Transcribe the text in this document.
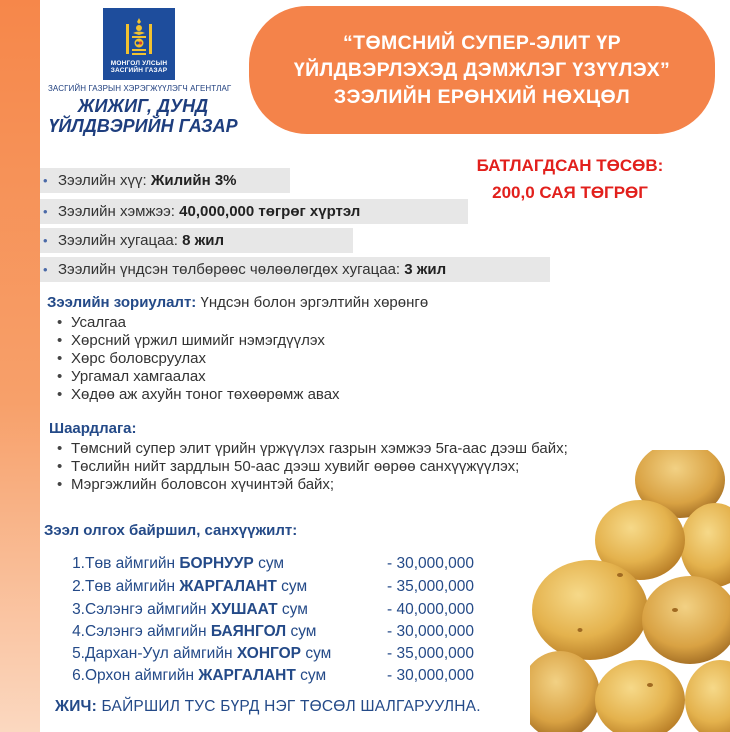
МОНГОЛ УЛСЫН
ЗАСГИЙН ГАЗАР
ЗАСГИЙН ГАЗРЫН ХЭРЭГЖҮҮЛЭГЧ АГЕНТЛАГ
ЖИЖИГ, ДУНД
ҮЙЛДВЭРИЙН ГАЗАР
“ТӨМСНИЙ СУПЕР-ЭЛИТ ҮР
ҮЙЛДВЭРЛЭХЭД ДЭМЖЛЭГ ҮЗҮҮЛЭХ”
ЗЭЭЛИЙН ЕРӨНХИЙ НӨХЦӨЛ
БАТЛАГДСАН ТӨСӨВ:
200,0 САЯ ТӨГРӨГ
• Зээлийн хүү: Жилийн 3%
• Зээлийн хэмжээ: 40,000,000 төгрөг хүртэл
• Зээлийн хугацаа: 8 жил
• Зээлийн үндсэн төлбөрөөс чөлөөлөгдөх хугацаа: 3 жил
Зээлийн зориулалт: Үндсэн болон эргэлтийн хөрөнгө
• Усалгаа
• Хөрсний үржил шимийг нэмэгдүүлэх
• Хөрс боловсруулах
• Ургамал хамгаалах
• Хөдөө аж ахуйн тоног төхөөрөмж авах
Шаардлага:
• Төмсний супер элит үрийн үржүүлэх газрын хэмжээ 5га-аас дээш байх;
• Төслийн нийт зардлын 50-аас дээш хувийг өөрөө санхүүжүүлэх;
• Мэргэжлийн боловсон хүчинтэй байх;
Зээл олгох байршил, санхүүжилт:
1. Төв аймгийн БОРНУУР сум	- 30,000,000
2. Төв аймгийн ЖАРГАЛАНТ сум	- 35,000,000
3. Сэлэнгэ аймгийн ХУШААТ сум	- 40,000,000
4. Сэлэнгэ аймгийн БАЯНГОЛ сум	- 30,000,000
5. Дархан-Уул аймгийн ХОНГОР сум	- 35,000,000
6. Орхон аймгийн ЖАРГАЛАНТ сум	- 30,000,000
ЖИЧ: БАЙРШИЛ ТУС БҮРД НЭГ ТӨСӨЛ ШАЛГАРУУЛНА.
